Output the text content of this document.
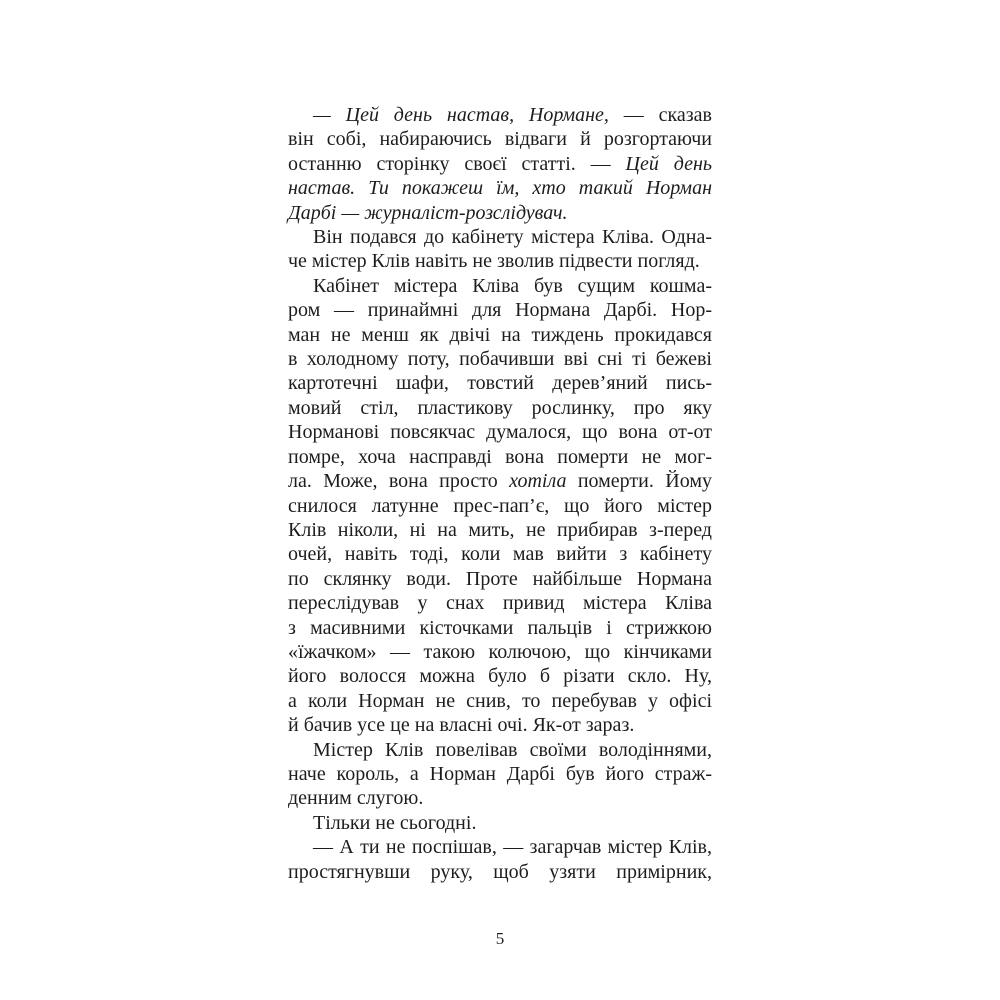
— Цей день настав, Нормане, — сказав
він собі, набираючись відваги й розгортаючи
останню сторінку своєї статті. — Цей день
настав. Ти покажеш їм, хто такий Норман
Дарбі — журналіст-розслідувач.
Він подався до кабінету містера Кліва. Одна-
че містер Клів навіть не зволив підвести погляд.
Кабінет містера Кліва був сущим кошма-
ром — принаймні для Нормана Дарбі. Нор-
ман не менш як двічі на тиждень прокидався
в холодному поту, побачивши вві сні ті бежеві
картотечні шафи, товстий дерев’яний пись-
мовий стіл, пластикову рослинку, про яку
Норманові повсякчас думалося, що вона от-от
помре, хоча насправді вона померти не мог-
ла. Може, вона просто хотіла померти. Йому
снилося латунне прес-пап’є, що його містер
Клів ніколи, ні на мить, не прибирав з-перед
очей, навіть тоді, коли мав вийти з кабінету
по склянку води. Проте найбільше Нормана
переслідував у снах привид містера Кліва
з масивними кісточками пальців і стрижкою
«їжачком» — такою колючою, що кінчиками
його волосся можна було б різати скло. Ну,
а коли Норман не снив, то перебував у офісі
й бачив усе це на власні очі. Як-от зараз.
Містер Клів повелівав своїми володіннями,
наче король, а Норман Дарбі був його страж-
денним слугою.
Тільки не сьогодні.
— А ти не поспішав, — загарчав містер Клів,
простягнувши руку, щоб узяти примірник,
5
